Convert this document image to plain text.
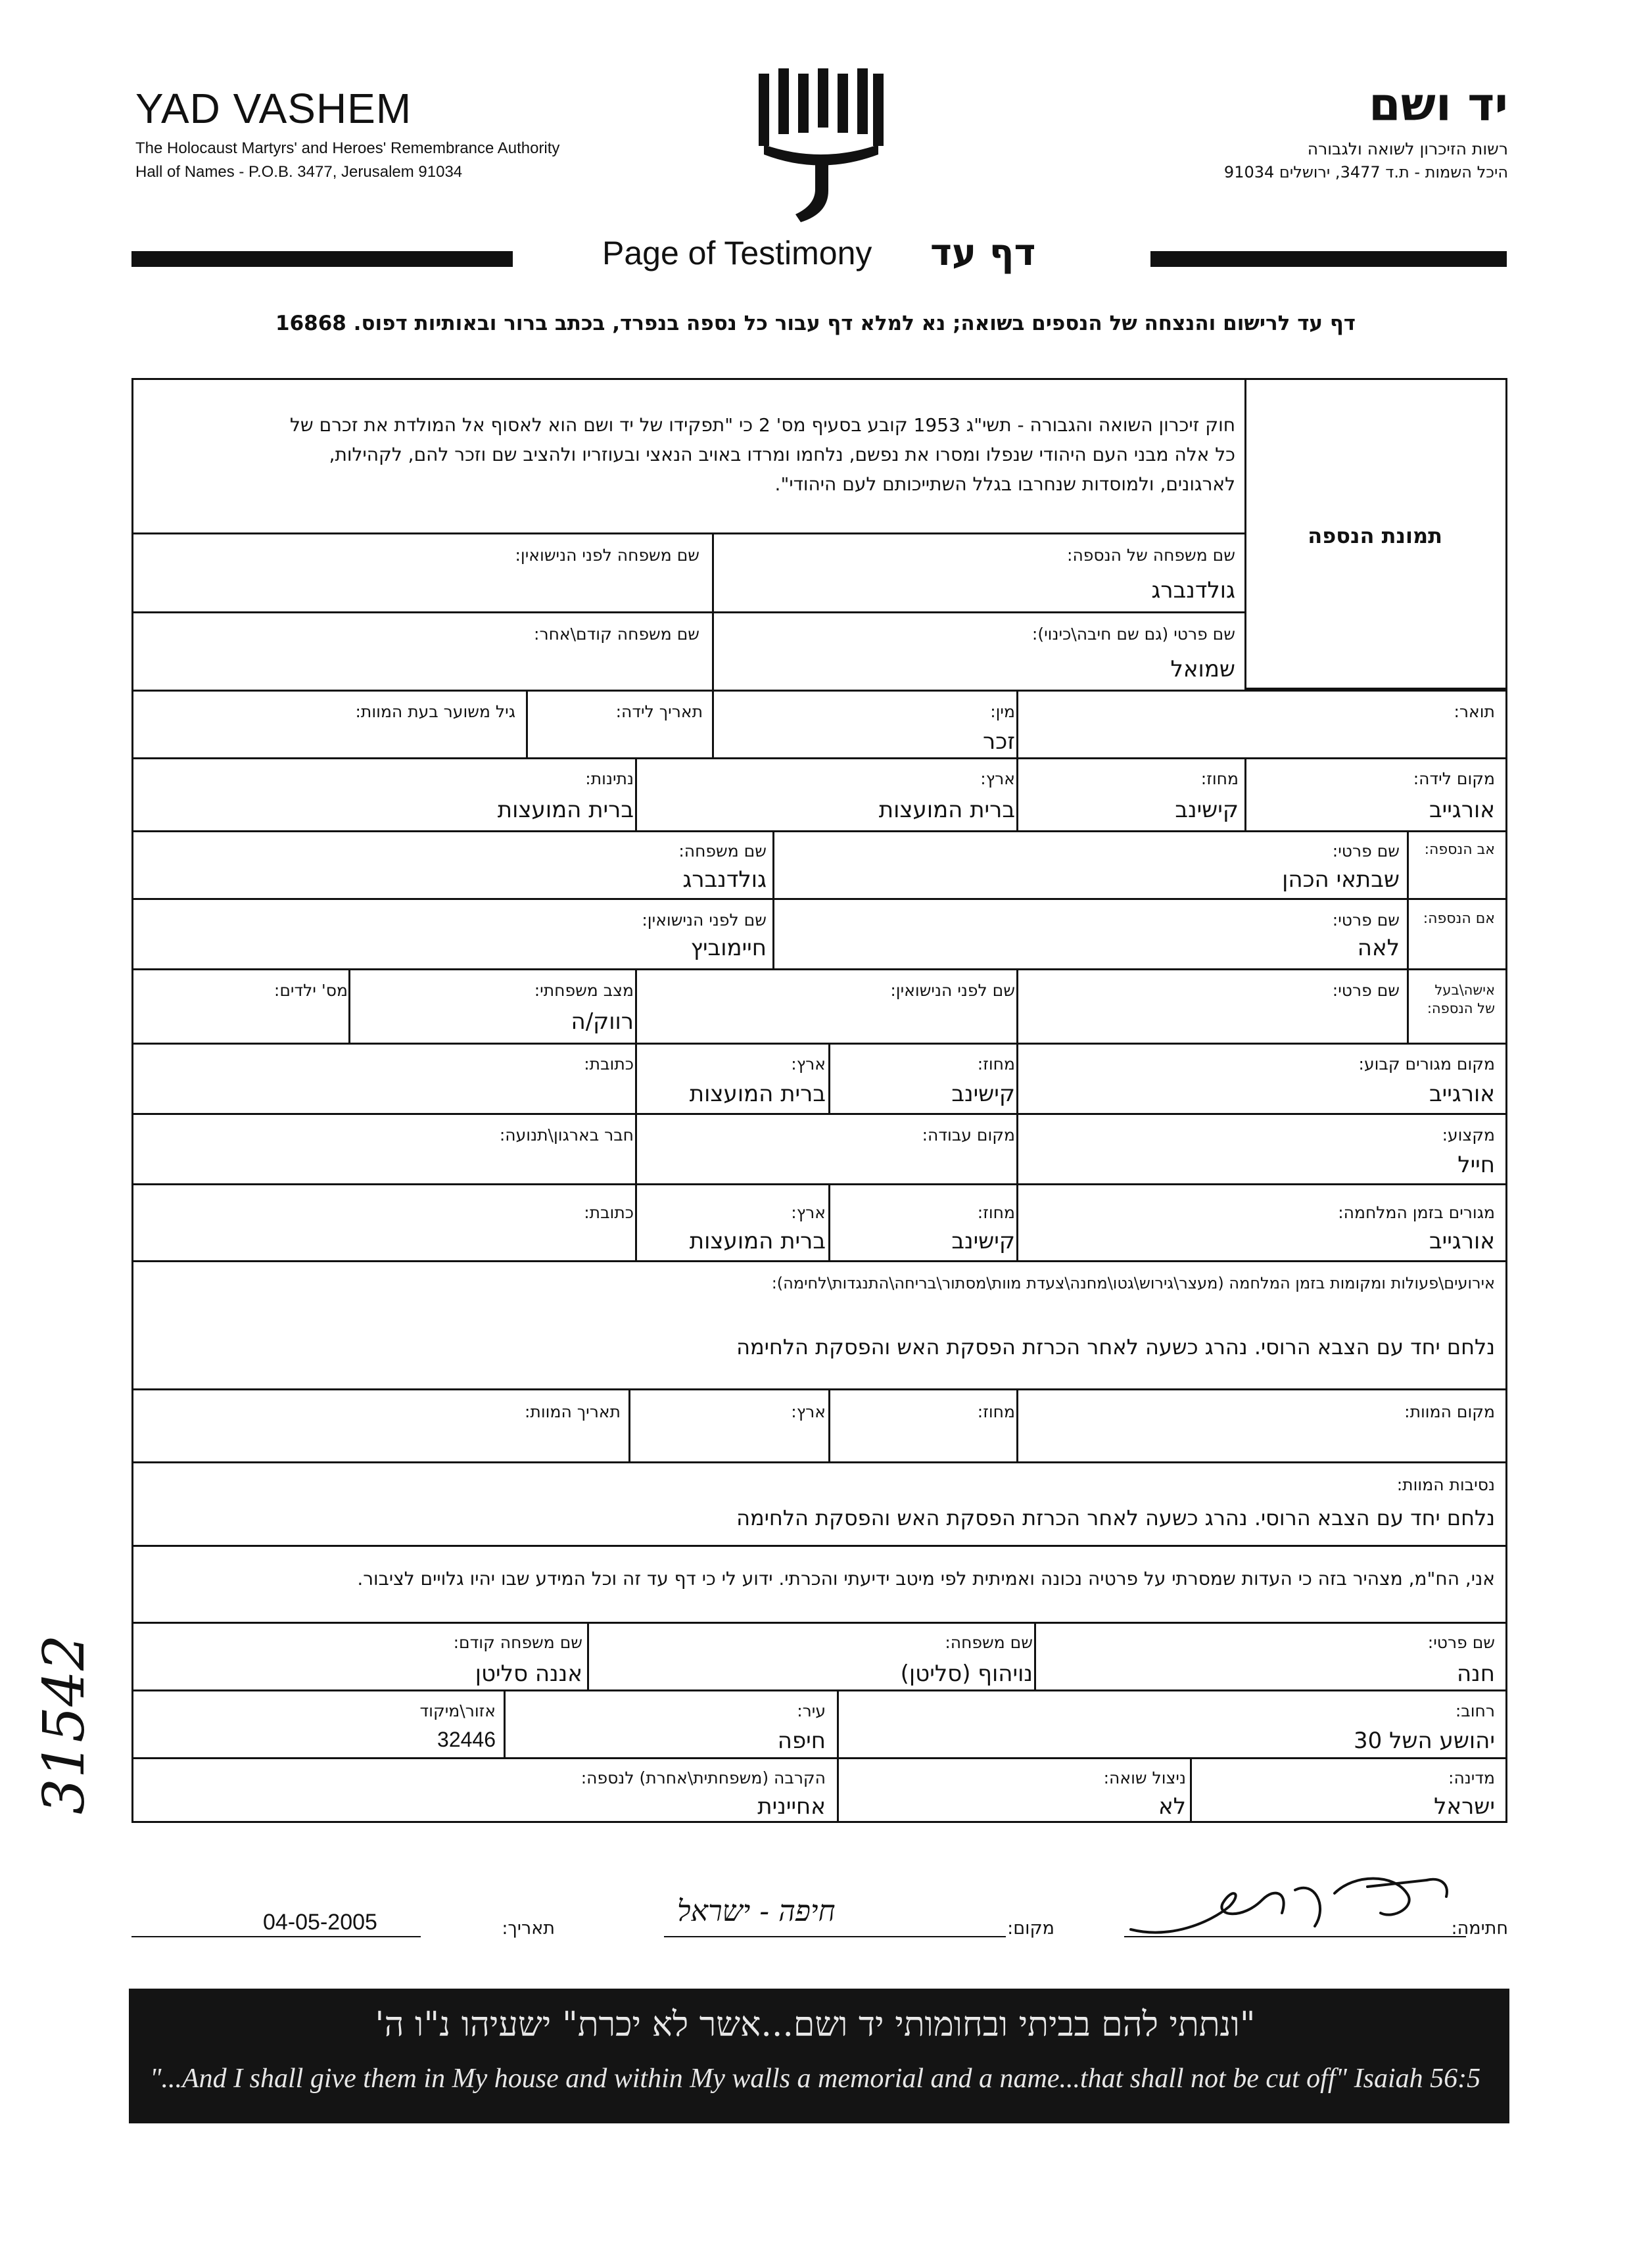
YAD VASHEM
The Holocaust Martyrs' and Heroes' Remembrance Authority
Hall of Names - P.O.B. 3477, Jerusalem 91034
יד ושם
רשות הזיכרון לשואה ולגבורה
היכל השמות - ת.ד 3477, ירושלים 91034
Page of Testimony דף עד
דף עד לרישום והנצחה של הנספים בשואה; נא למלא דף עבור כל נספה בנפרד, בכתב ברור ובאותיות דפוס. 16868
תמונת הנספה
חוק זיכרון השואה והגבורה - תשי"ג 1953 קובע בסעיף מס' 2 כי "תפקידו של יד ושם הוא לאסוף אל המולדת את זכרם של
כל אלה מבני העם היהודי שנפלו ומסרו את נפשם, נלחמו ומרדו באויב הנאצי ובעוזריו ולהציב שם וזכר להם, לקהילות,
לארגונים, ולמוסדות שנחרבו בגלל השתייכותם לעם היהודי".
שם משפחה של הנספה:
גולדנברג
שם משפחה לפני הנישואין:
שם פרטי (גם שם חיבה\כינוי):
שמואל
שם משפחה קודם\אחר:
תואר:
מין:
זכר
תאריך לידה:
גיל משוער בעת המוות:
מקום לידה:
אורגייב
מחוז:
קישינב
ארץ:
ברית המועצות
נתינות:
ברית המועצות
אב הנספה:
שם פרטי:
שבתאי הכהן
שם משפחה:
גולדנברג
אם הנספה:
שם פרטי:
לאה
שם לפני הנישואין:
חיימוביץ
אישה\בעל של הנספה:
שם פרטי:
שם לפני הנישואין:
מצב משפחתי:
רווק/ה
מס' ילדים:
מקום מגורים קבוע:
אורגייב
מחוז:
קישינב
ארץ:
ברית המועצות
כתובת:
מקצוע:
חייל
מקום עבודה:
חבר בארגון\תנועה:
מגורים בזמן המלחמה:
אורגייב
מחוז:
קישינב
ארץ:
ברית המועצות
כתובת:
אירועים\פעולות ומקומות בזמן המלחמה (מעצר\גירוש\גטו\מחנה\צעדת מוות\מסתור\בריחה\התנגדות\לחימה):
נלחם יחד עם הצבא הרוסי. נהרג כשעה לאחר הכרזת הפסקת האש והפסקת הלחימה
מקום המוות:
מחוז:
ארץ:
תאריך המוות:
נסיבות המוות:
נלחם יחד עם הצבא הרוסי. נהרג כשעה לאחר הכרזת הפסקת האש והפסקת הלחימה
אני, הח"מ, מצהיר בזה כי העדות שמסרתי על פרטיה נכונה ואמיתית לפי מיטב ידיעתי והכרתי. ידוע לי כי דף עד זה וכל המידע שבו יהיו גלויים לציבור.
שם פרטי:
חנה
שם משפחה:
נויהוף (סליטן)
שם משפחה קודם:
אננה סליטן
רחוב:
יהושע השל 30
עיר:
חיפה
אזור\מיקוד
32446
מדינה:
ישראל
ניצול שואה:
לא
הקרבה (משפחתית\אחרת) לנספה:
אחיינית
31542
חתימה:
מקום:
חיפה - ישראל
תאריך:
04-05-2005
"ונתתי להם בביתי ובחומותי יד ושם...אשר לא יכרת" ישעיהו נ"ו ה'
"...And I shall give them in My house and within My walls a memorial and a name...that shall not be cut off" Isaiah 56:5
